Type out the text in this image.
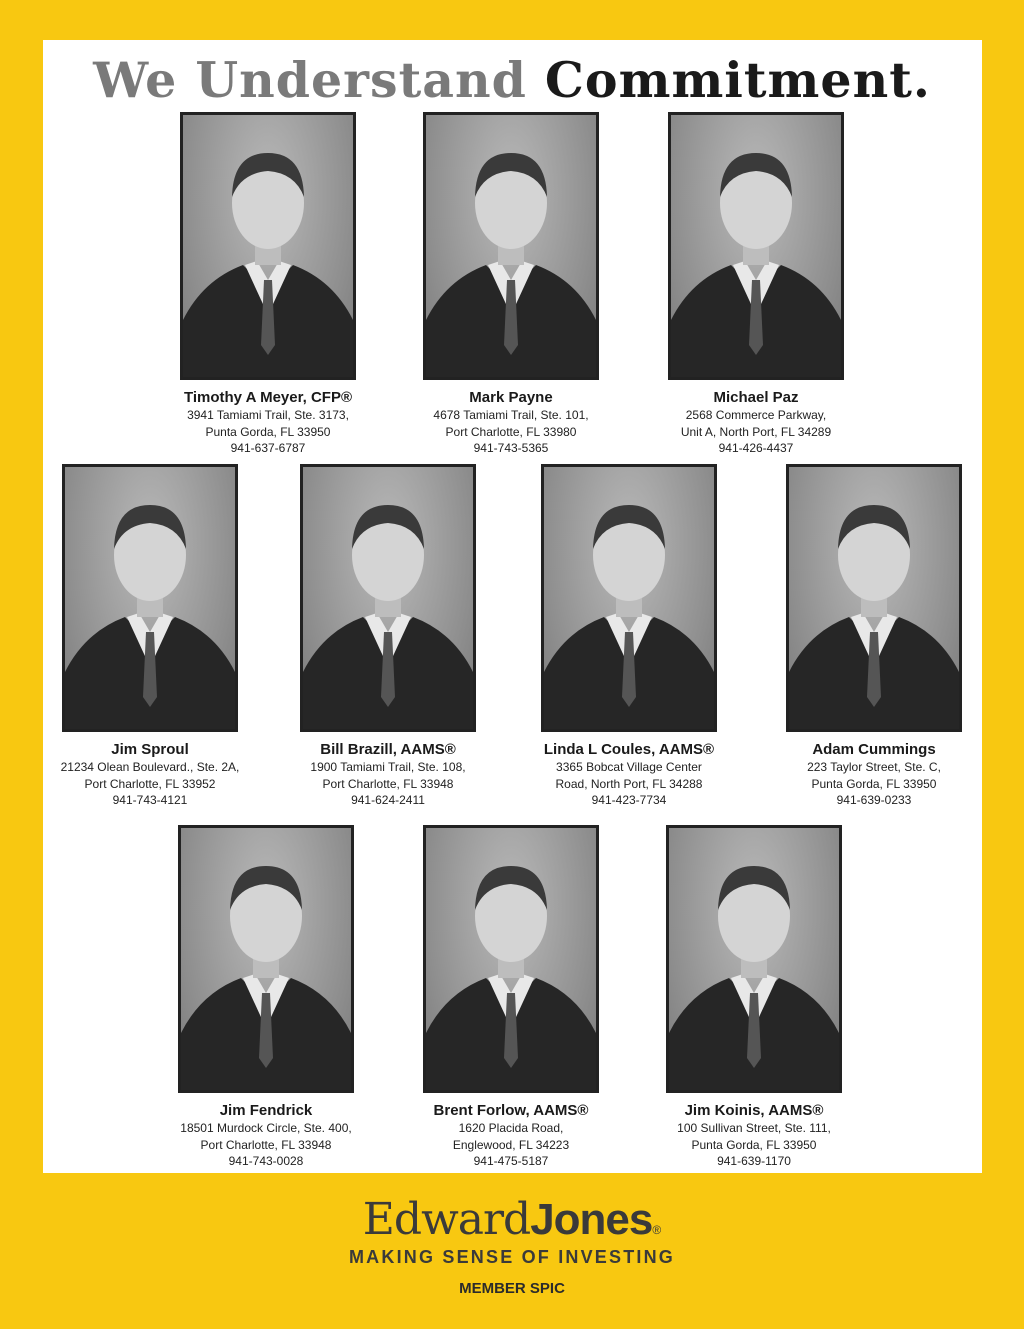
We Understand Commitment.
Timothy A Meyer, CFP®
3941 Tamiami Trail, Ste. 3173,
Punta Gorda, FL 33950
941-637-6787
Mark Payne
4678 Tamiami Trail, Ste. 101,
Port Charlotte, FL 33980
941-743-5365
Michael Paz
2568 Commerce Parkway,
Unit A, North Port, FL 34289
941-426-4437
Jim Sproul
21234 Olean Boulevard., Ste. 2A,
Port Charlotte, FL 33952
941-743-4121
Bill Brazill, AAMS®
1900 Tamiami Trail, Ste. 108,
Port Charlotte, FL 33948
941-624-2411
Linda L Coules, AAMS®
3365 Bobcat Village Center
Road, North Port, FL 34288
941-423-7734
Adam Cummings
223 Taylor Street, Ste. C,
Punta Gorda, FL 33950
941-639-0233
Jim Fendrick
18501 Murdock Circle, Ste. 400,
Port Charlotte, FL 33948
941-743-0028
Brent Forlow, AAMS®
1620 Placida Road,
Englewood, FL 34223
941-475-5187
Jim Koinis, AAMS®
100 Sullivan Street, Ste. 111,
Punta Gorda, FL 33950
941-639-1170
EdwardJones®
MAKING SENSE OF INVESTING
MEMBER SPIC
